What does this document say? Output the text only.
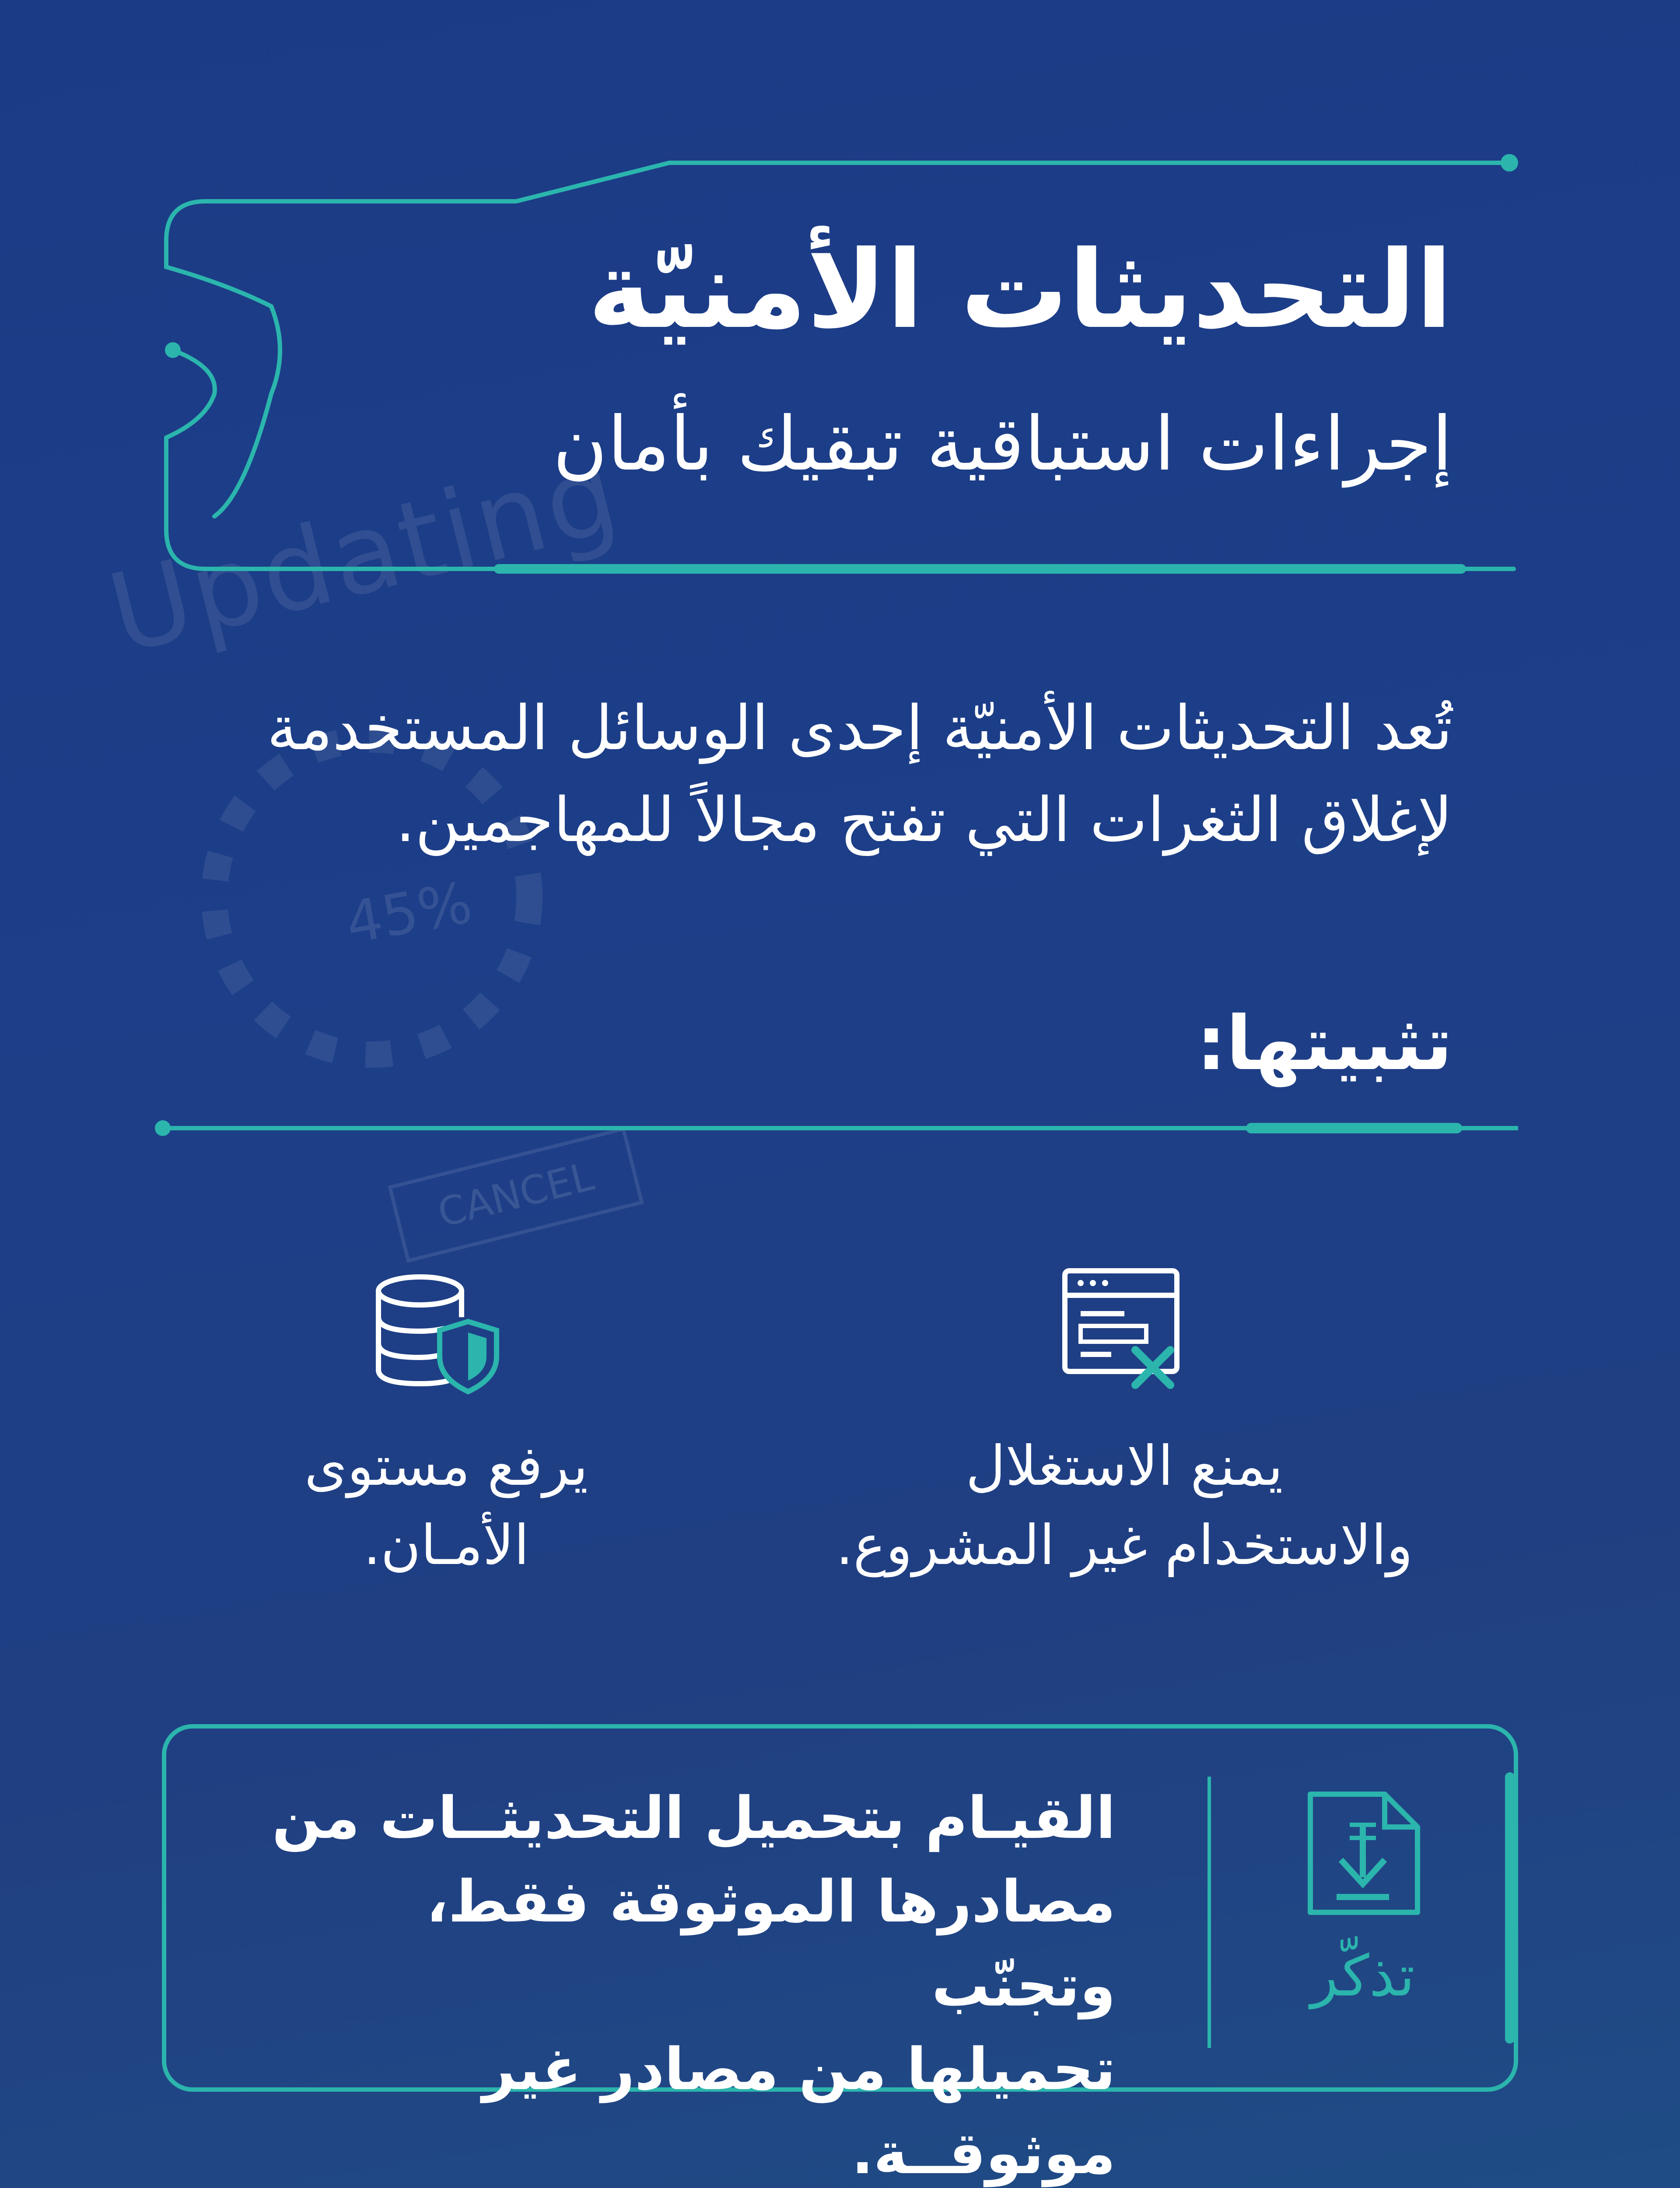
Updating
45%
CANCEL
التحديثات الأمنيّة
إجراءات استباقية تبقيك بأمان
تُعد التحديثات الأمنيّة إحدى الوسائل المستخدمة لإغلاق الثغرات التي تفتح مجالاً للمهاجمين.
تثبيتها:
يمنع الاستغلال
والاستخدام غير المشروع.
يرفع مستوى
الأمـان.
تذكّر
القيـام بتحميل التحديثــات من
مصادرها الموثوقة فقط، وتجنّب
تحميلها من مصادر غير موثوقــة.
